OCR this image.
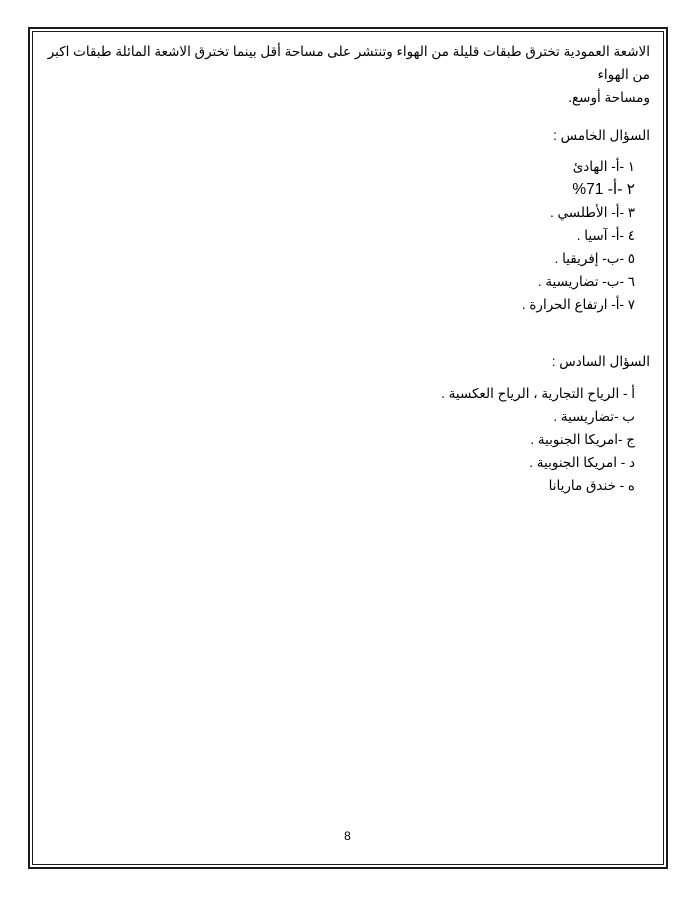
الاشعة العمودية تخترق طبقات قليلة من الهواء وتنتشر على مساحة أقل بينما تخترق الاشعة المائلة طبقات اكبر من الهواء
ومساحة أوسع.

السؤال الخامس :

١ -أ- الهادئ
٢ -أ- 71%
٣ -أ- الأطلسي .
٤ -أ- آسيا .
٥ -ب- إفريقيا .
٦ -ب- تضاريسية .
٧ -أ- ارتفاع الحرارة .

السؤال السادس :

أ - الرياح التجارية ، الرياح العكسية .
ب -تضاريسية .
ج -امريكا الجنوبية .
د - امريكا الجنوبية .
ه - خندق ماريانا
8
